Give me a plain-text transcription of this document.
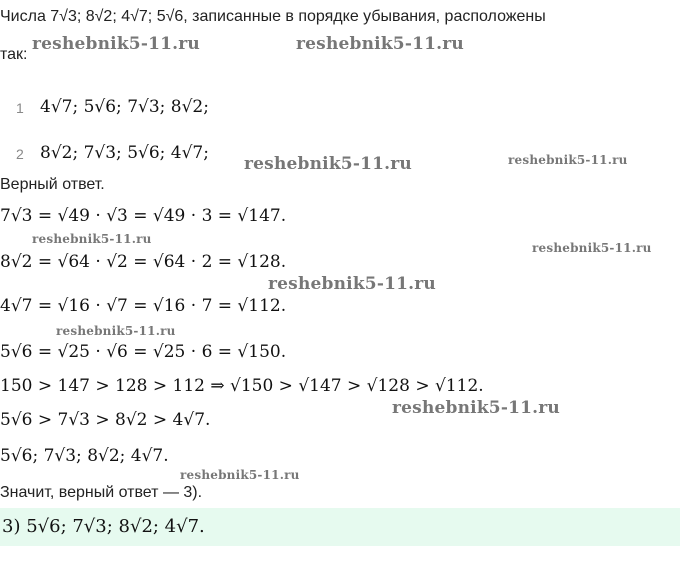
Числа 7√3; 8√2; 4√7; 5√6, записанные в порядке убывания, расположены
так:
1 4√7; 5√6; 7√3; 8√2;
2 8√2; 7√3; 5√6; 4√7;
Верный ответ.
7√3 = √49 · √3 = √49 · 3 = √147.
8√2 = √64 · √2 = √64 · 2 = √128.
4√7 = √16 · √7 = √16 · 7 = √112.
5√6 = √25 · √6 = √25 · 6 = √150.
150 > 147 > 128 > 112 ⇒ √150 > √147 > √128 > √112.
5√6 > 7√3 > 8√2 > 4√7.
5√6; 7√3; 8√2; 4√7.
Значит, верный ответ — 3).
3) 5√6; 7√3; 8√2; 4√7.
reshebnik5-11.ru	reshebnik5-11.ru
reshebnik5-11.ru	reshebnik5-11.ru
reshebnik5-11.ru
reshebnik5-11.ru
reshebnik5-11.ru
reshebnik5-11.ru
reshebnik5-11.ru
reshebnik5-11.ru
